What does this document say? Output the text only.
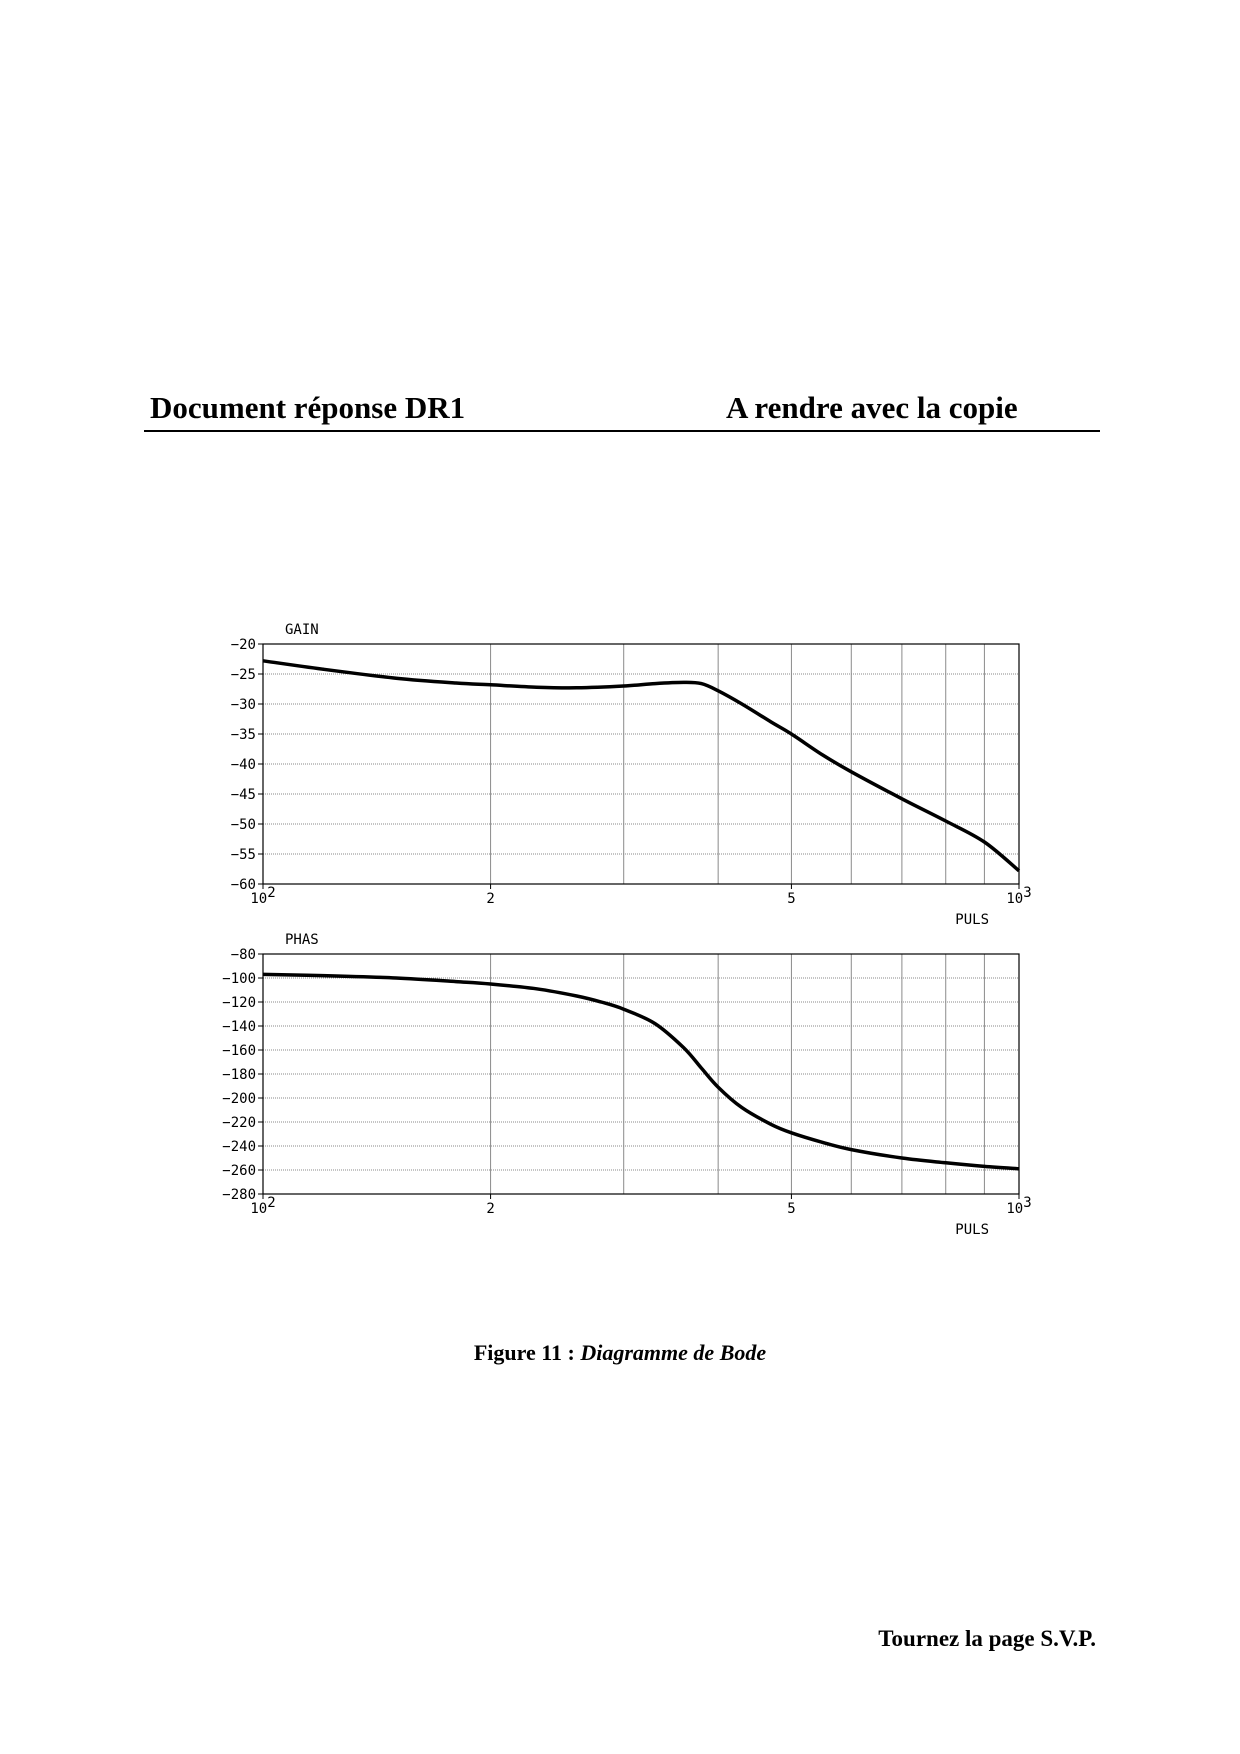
Document réponse DR1	A rendre avec la copie
−20
−25
−30
−35
−40
−45
−50
−55
−60
102	2	5	103
GAIN
PULS
−80
−100
−120
−140
−160
−180
−200
−220
−240
−260
−280
102	2	5	103
PHAS
PULS
Figure 11 : Diagramme de Bode
Tournez la page S.V.P.
